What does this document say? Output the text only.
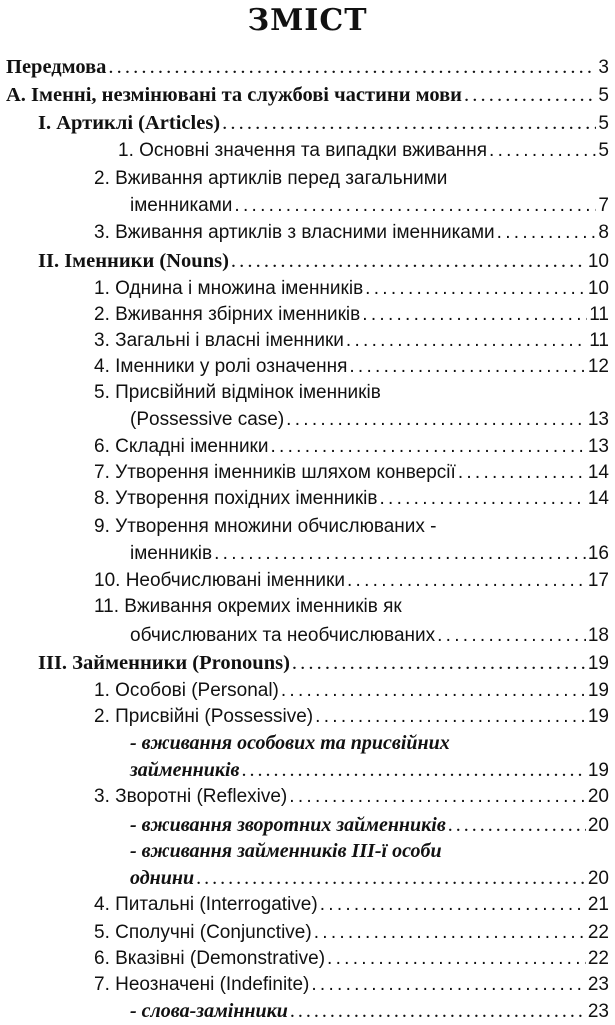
ЗМІСТ
Передмова . . .	3
А. Іменні, незмінювані та службові частини мови . . .	5
І. Артиклі (Articles) . . .	5
1. Основні значення та випадки вживання . . .	5
2. Вживання артиклів перед загальними
іменниками . . .	7
3. Вживання артиклів з власними іменниками . . .	8
ІІ. Іменники (Nouns) . . .	10
1. Однина і множина іменників . . .	10
2. Вживання збірних іменників . . .	11
3. Загальні і власні іменники . . .	11
4. Іменники у ролі означення . . .	12
5. Присвійний відмінок іменників
(Possessive case) . . .	13
6. Складні іменники . . .	13
7. Утворення іменників шляхом конверсії . . .	14
8. Утворення похідних іменників . . .	14
9. Утворення множини обчислюваних -
іменників . . .	16
10. Необчислювані іменники . . .	17
11. Вживання окремих іменників як
обчислюваних та необчислюваних . . .	18
ІІІ. Займенники (Pronouns) . . .	19
1. Особові (Personal) . . .	19
2. Присвійні (Possessive) . . .	19
- вживання особових та присвійних
займенників . . .	19
3. Зворотні (Reflexive) . . .	20
- вживання зворотних займенників . . .	20
- вживання займенників ІІІ-ї особи
однини . . .	20
4. Питальні (Interrogative) . . .	21
5. Сполучні (Conjunctive) . . .	22
6. Вказівні (Demonstrative) . . .	22
7. Неозначені (Indefinite) . . .	23
- слова-замінники . . .	23
